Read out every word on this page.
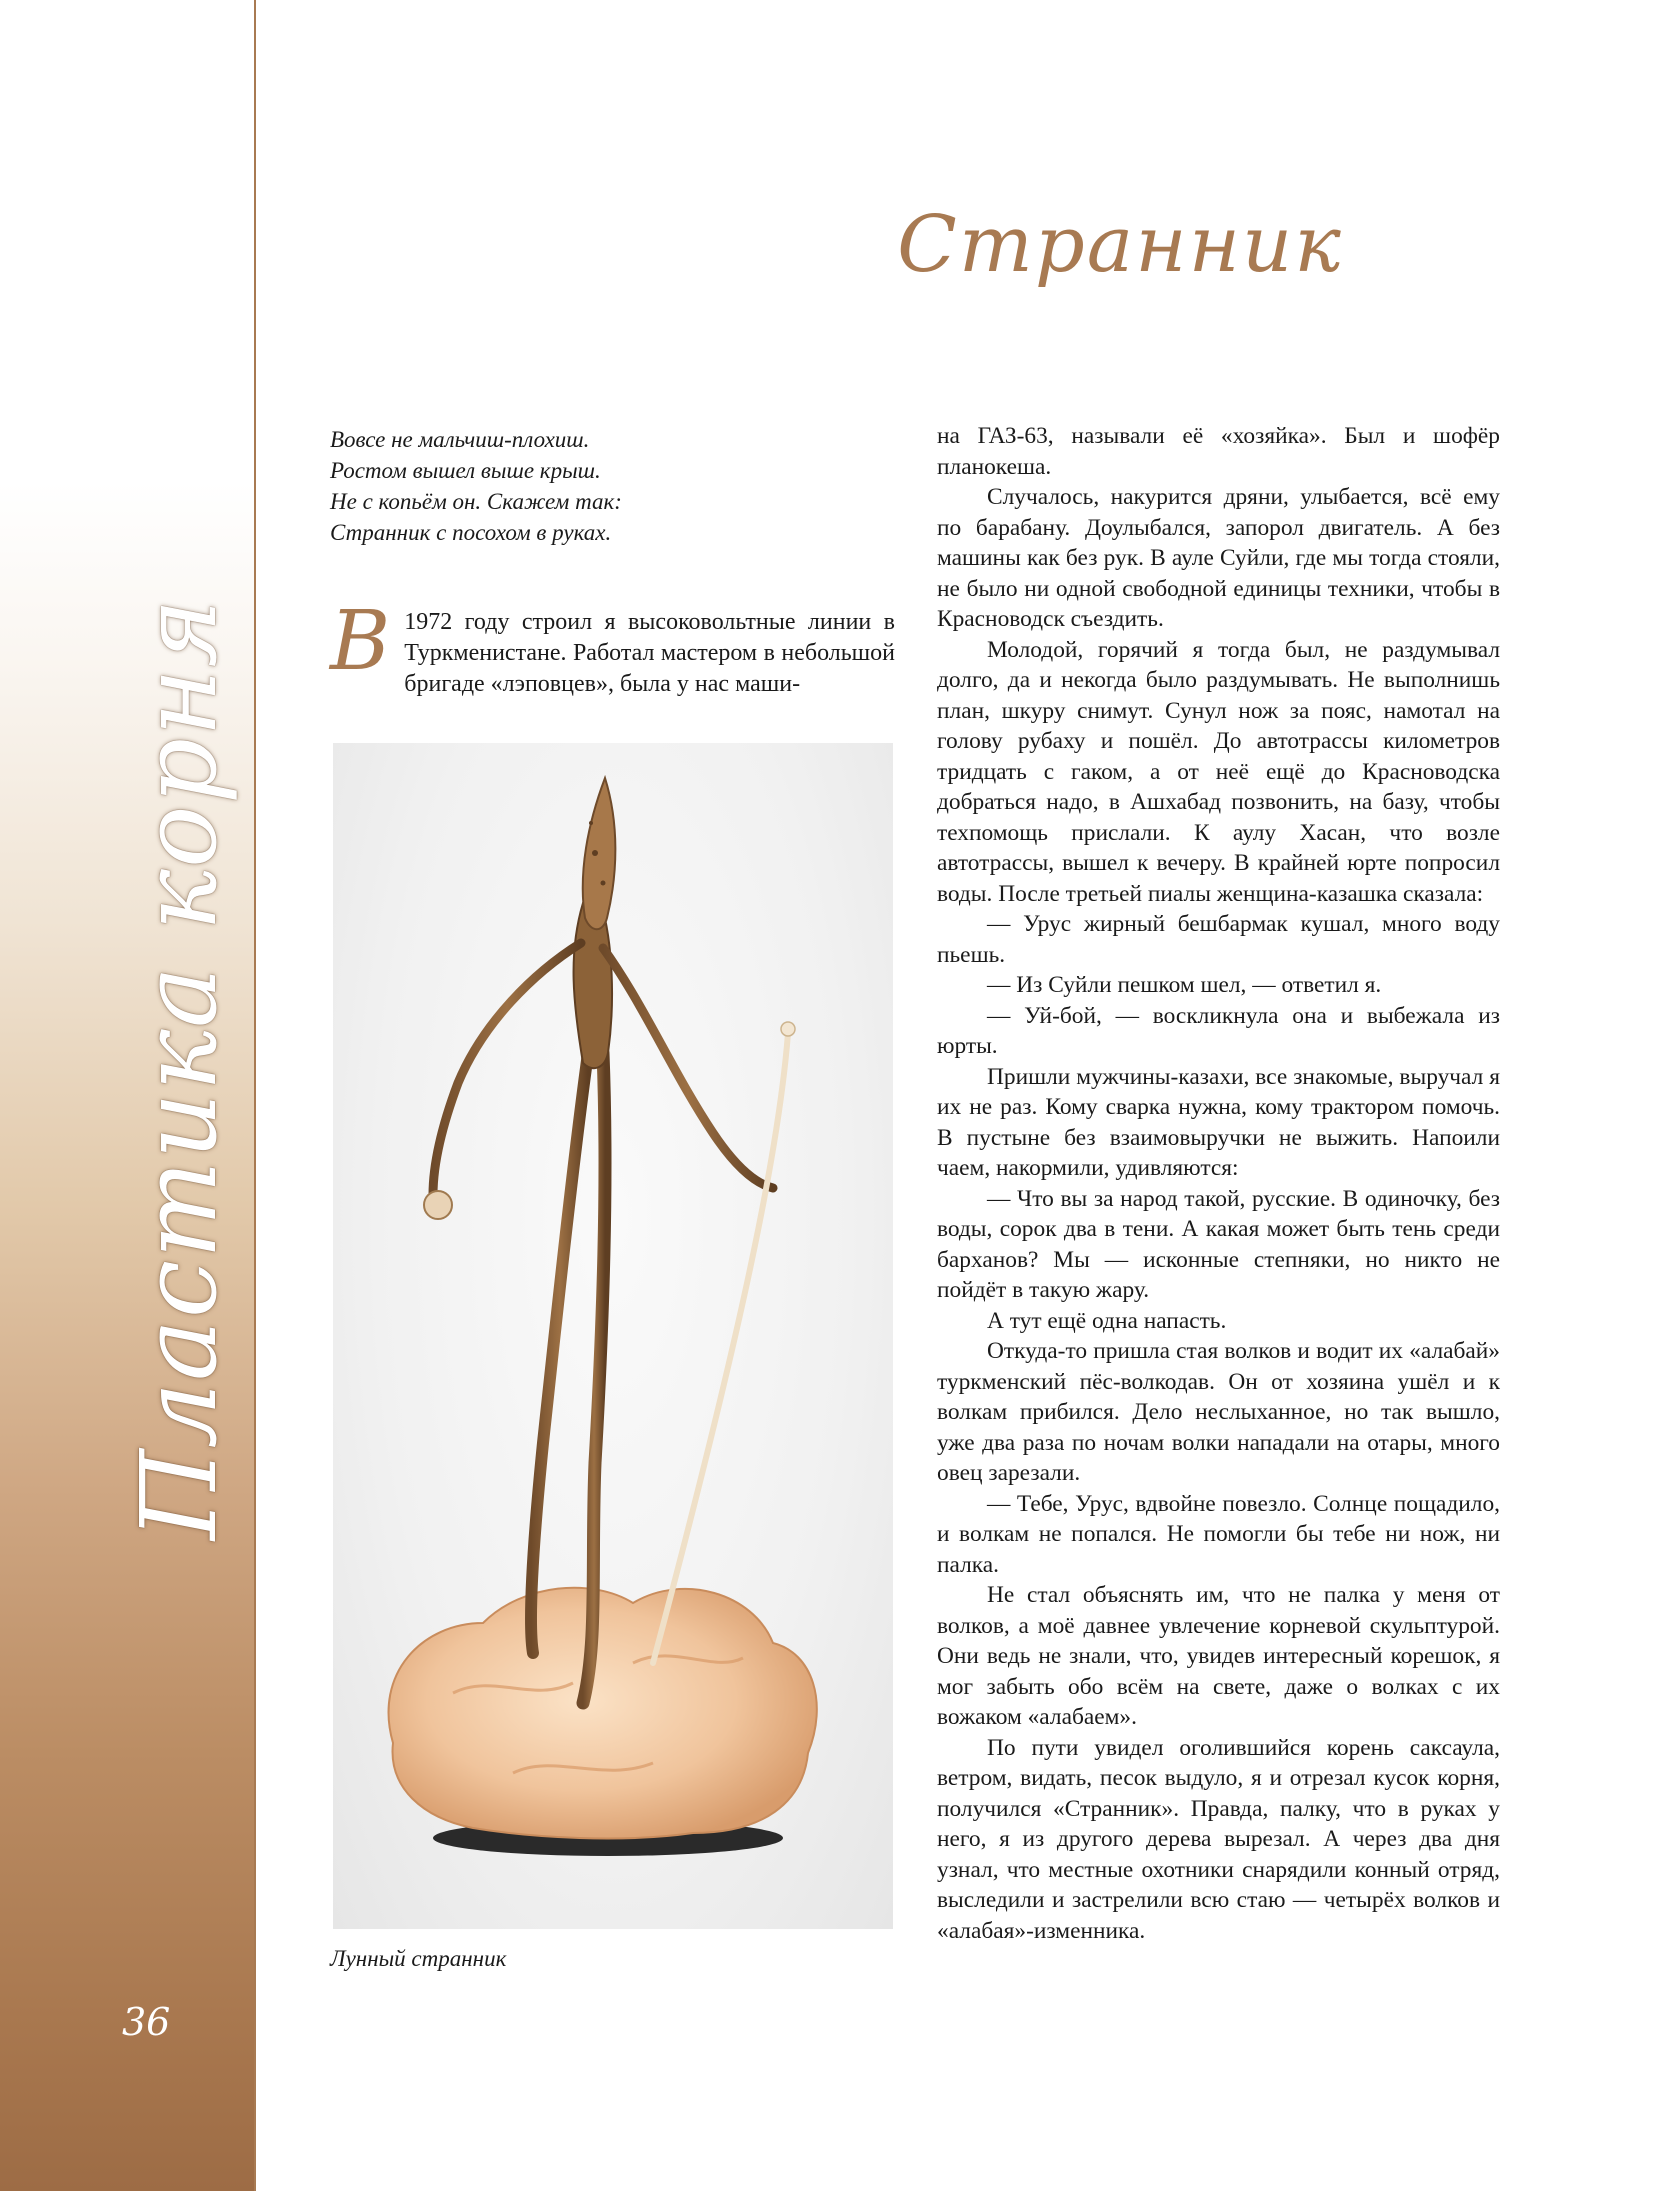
Пластика корня
36
Странник
Вовсе не мальчиш-плохиш.
Ростом вышел выше крыш.
Не с копьём он. Скажем так:
Странник с посохом в руках.
В 1972 году строил я высоковольтные линии в Туркменистане. Работал мастером в небольшой бригаде «лэповцев», была у нас маши-
Лунный странник

на ГАЗ-63, называли её «хозяйка». Был и шофёр планокеша.

Случалось, накурится дряни, улыбается, всё ему по барабану. Доулыбался, запорол двигатель. А без машины как без рук. В ауле Суйли, где мы тогда стояли, не было ни одной свободной единицы техники, чтобы в Красноводск съездить.

Молодой, горячий я тогда был, не раздумывал долго, да и некогда было раздумывать. Не выполнишь план, шкуру снимут. Сунул нож за пояс, намотал на голову рубаху и пошёл. До автотрассы километров тридцать с гаком, а от неё ещё до Красноводска добраться надо, в Ашхабад позвонить, на базу, чтобы техпомощь прислали. К аулу Хасан, что возле автотрассы, вышел к вечеру. В крайней юрте попросил воды. После третьей пиалы женщина-казашка сказала:

— Урус жирный бешбармак кушал, много воду пьешь.

— Из Суйли пешком шел, — ответил я.

— Уй-бой, — воскликнула она и выбежала из юрты.

Пришли мужчины-казахи, все знакомые, выручал я их не раз. Кому сварка нужна, кому трактором помочь. В пустыне без взаимовыручки не выжить. Напоили чаем, накормили, удивляются:

— Что вы за народ такой, русские. В одиночку, без воды, сорок два в тени. А какая может быть тень среди барханов? Мы — исконные степняки, но никто не пойдёт в такую жару.

А тут ещё одна напасть.

Откуда-то пришла стая волков и водит их «алабай» туркменский пёс-волкодав. Он от хозяина ушёл и к волкам прибился. Дело неслыханное, но так вышло, уже два раза по ночам волки нападали на отары, много овец зарезали.

— Тебе, Урус, вдвойне повезло. Солнце пощадило, и волкам не попался. Не помогли бы тебе ни нож, ни палка.

Не стал объяснять им, что не палка у меня от волков, а моё давнее увлечение корневой скульптурой. Они ведь не знали, что, увидев интересный корешок, я мог забыть обо всём на свете, даже о волках с их вожаком «алабаем».

По пути увидел оголившийся корень саксаула, ветром, видать, песок выдуло, я и отрезал кусок корня, получился «Странник». Правда, палку, что в руках у него, я из другого дерева вырезал. А через два дня узнал, что местные охотники снарядили конный отряд, выследили и застрелили всю стаю — четырёх волков и «алабая»-изменника.
